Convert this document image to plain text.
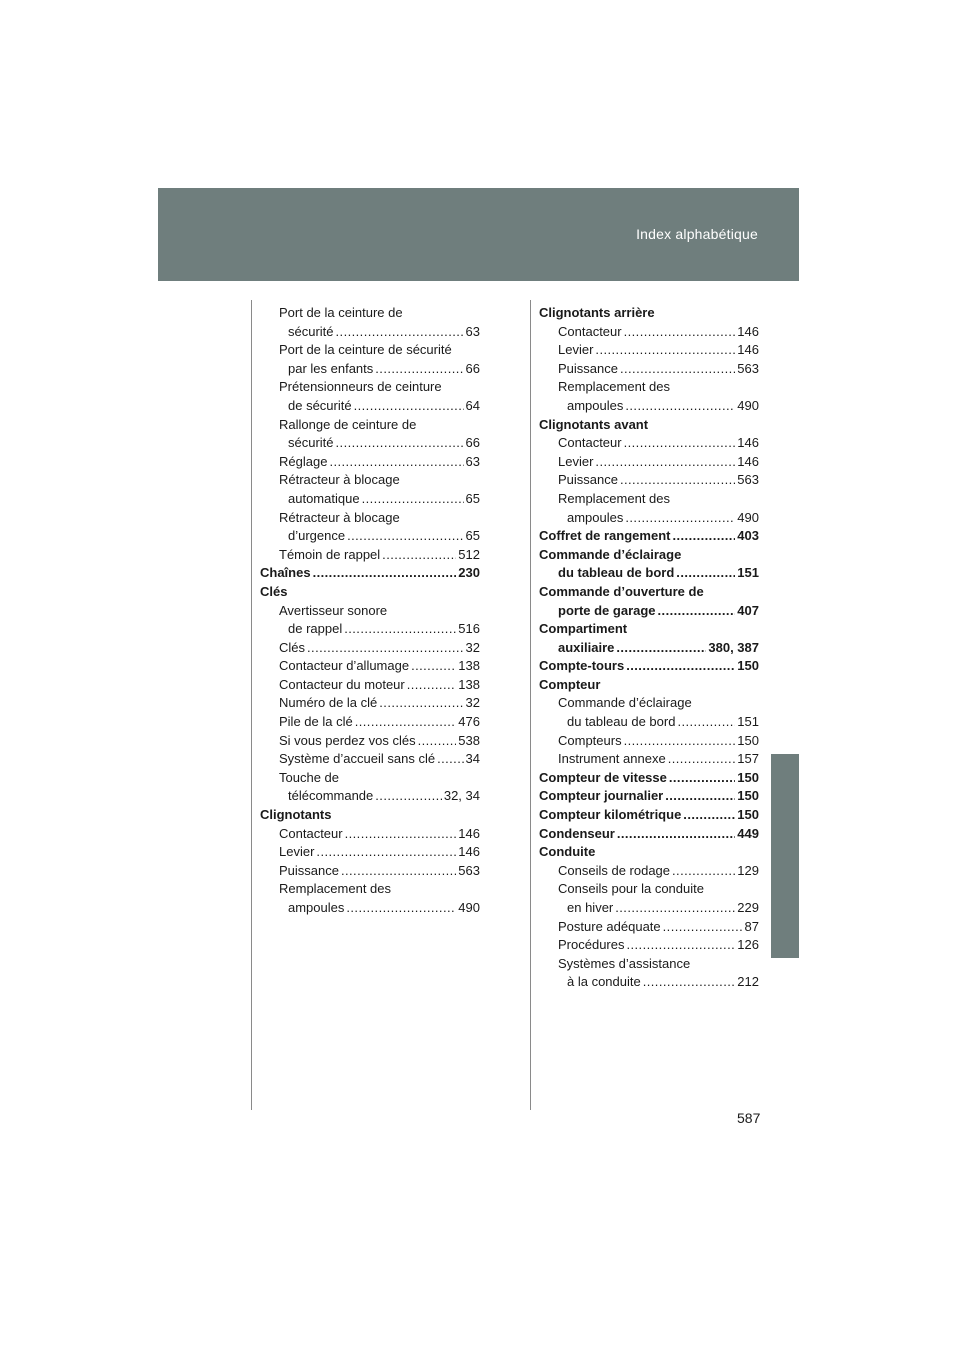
Index alphabétique
Port de la ceinture de
sécurité . . .	63
Port de la ceinture de sécurité
par les enfants . . .	66
Prétensionneurs de ceinture
de sécurité . . .	64
Rallonge de ceinture de
sécurité . . .	66
Réglage . . .	63
Rétracteur à blocage
automatique . . .	65
Rétracteur à blocage
d’urgence . . .	65
Témoin de rappel . . .	512
Chaînes . . .	230
Clés
Avertisseur sonore
de rappel . . .	516
Clés . . .	32
Contacteur d’allumage . . .	138
Contacteur du moteur . . .	138
Numéro de la clé . . .	32
Pile de la clé . . .	476
Si vous perdez vos clés . . .	538
Système d’accueil sans clé . . . 34
Touche de
télécommande . . .	32, 34
Clignotants
Contacteur . . .	146
Levier . . .	146
Puissance . . .	563
Remplacement des
ampoules . . .	490
Clignotants arrière
Contacteur . . .	146
Levier . . .	146
Puissance . . .	563
Remplacement des
ampoules . . .	490
Clignotants avant
Contacteur . . .	146
Levier . . .	146
Puissance . . .	563
Remplacement des
ampoules . . .	490
Coffret de rangement . . .	403
Commande d’éclairage
du tableau de bord . . .	151
Commande d’ouverture de
porte de garage . . .	407
Compartiment
auxiliaire . . .	380, 387
Compte-tours . . .	150
Compteur
Commande d’éclairage
du tableau de bord . . .	151
Compteurs . . .	150
Instrument annexe . . .	157
Compteur de vitesse . . .	150
Compteur journalier . . .	150
Compteur kilométrique . . .	150
Condenseur . . .	449
Conduite
Conseils de rodage . . .	129
Conseils pour la conduite
en hiver . . .	229
Posture adéquate . . .	87
Procédures . . .	126
Systèmes d’assistance
à la conduite . . .	212
587
